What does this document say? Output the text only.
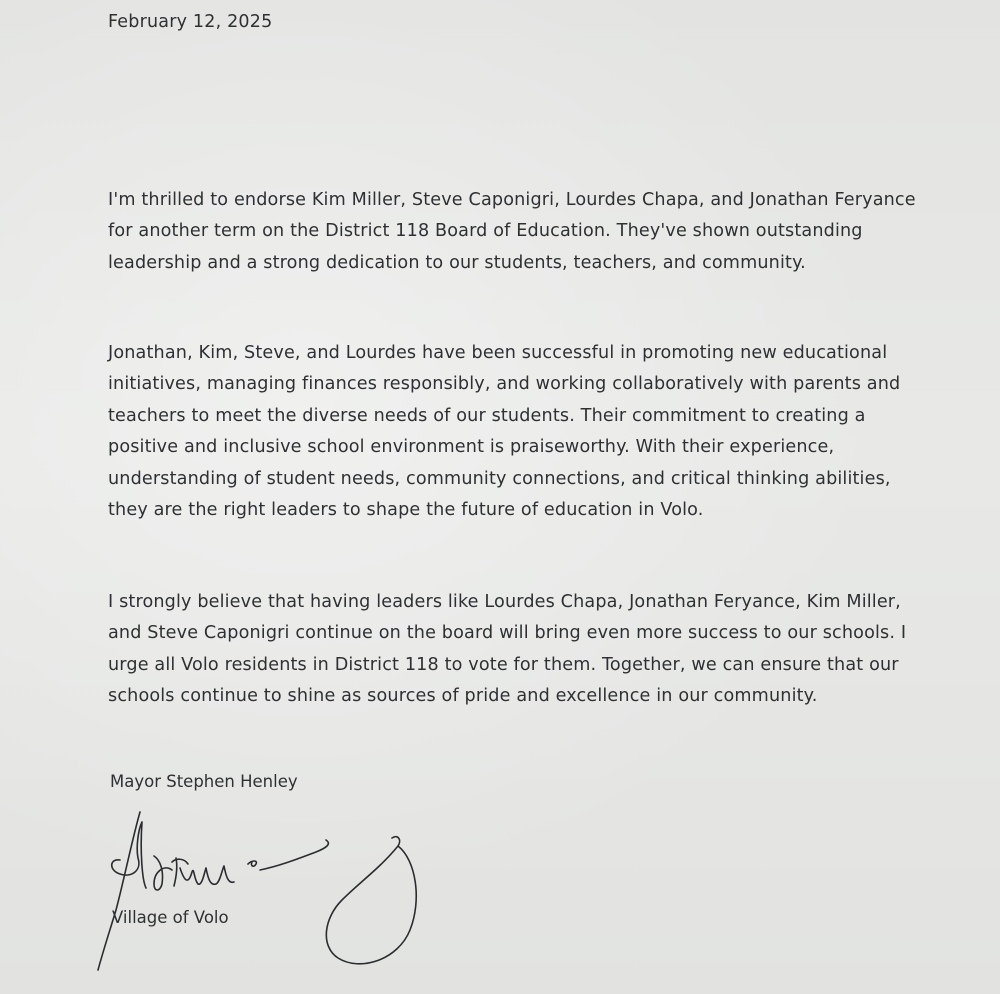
February 12, 2025
I'm thrilled to endorse Kim Miller, Steve Caponigri, Lourdes Chapa, and Jonathan Feryance
for another term on the District 118 Board of Education. They've shown outstanding
leadership and a strong dedication to our students, teachers, and community.
Jonathan, Kim, Steve, and Lourdes have been successful in promoting new educational
initiatives, managing finances responsibly, and working collaboratively with parents and
teachers to meet the diverse needs of our students. Their commitment to creating a
positive and inclusive school environment is praiseworthy. With their experience,
understanding of student needs, community connections, and critical thinking abilities,
they are the right leaders to shape the future of education in Volo.
I strongly believe that having leaders like Lourdes Chapa, Jonathan Feryance, Kim Miller,
and Steve Caponigri continue on the board will bring even more success to our schools. I
urge all Volo residents in District 118 to vote for them. Together, we can ensure that our
schools continue to shine as sources of pride and excellence in our community.
Mayor Stephen Henley
Village of Volo
